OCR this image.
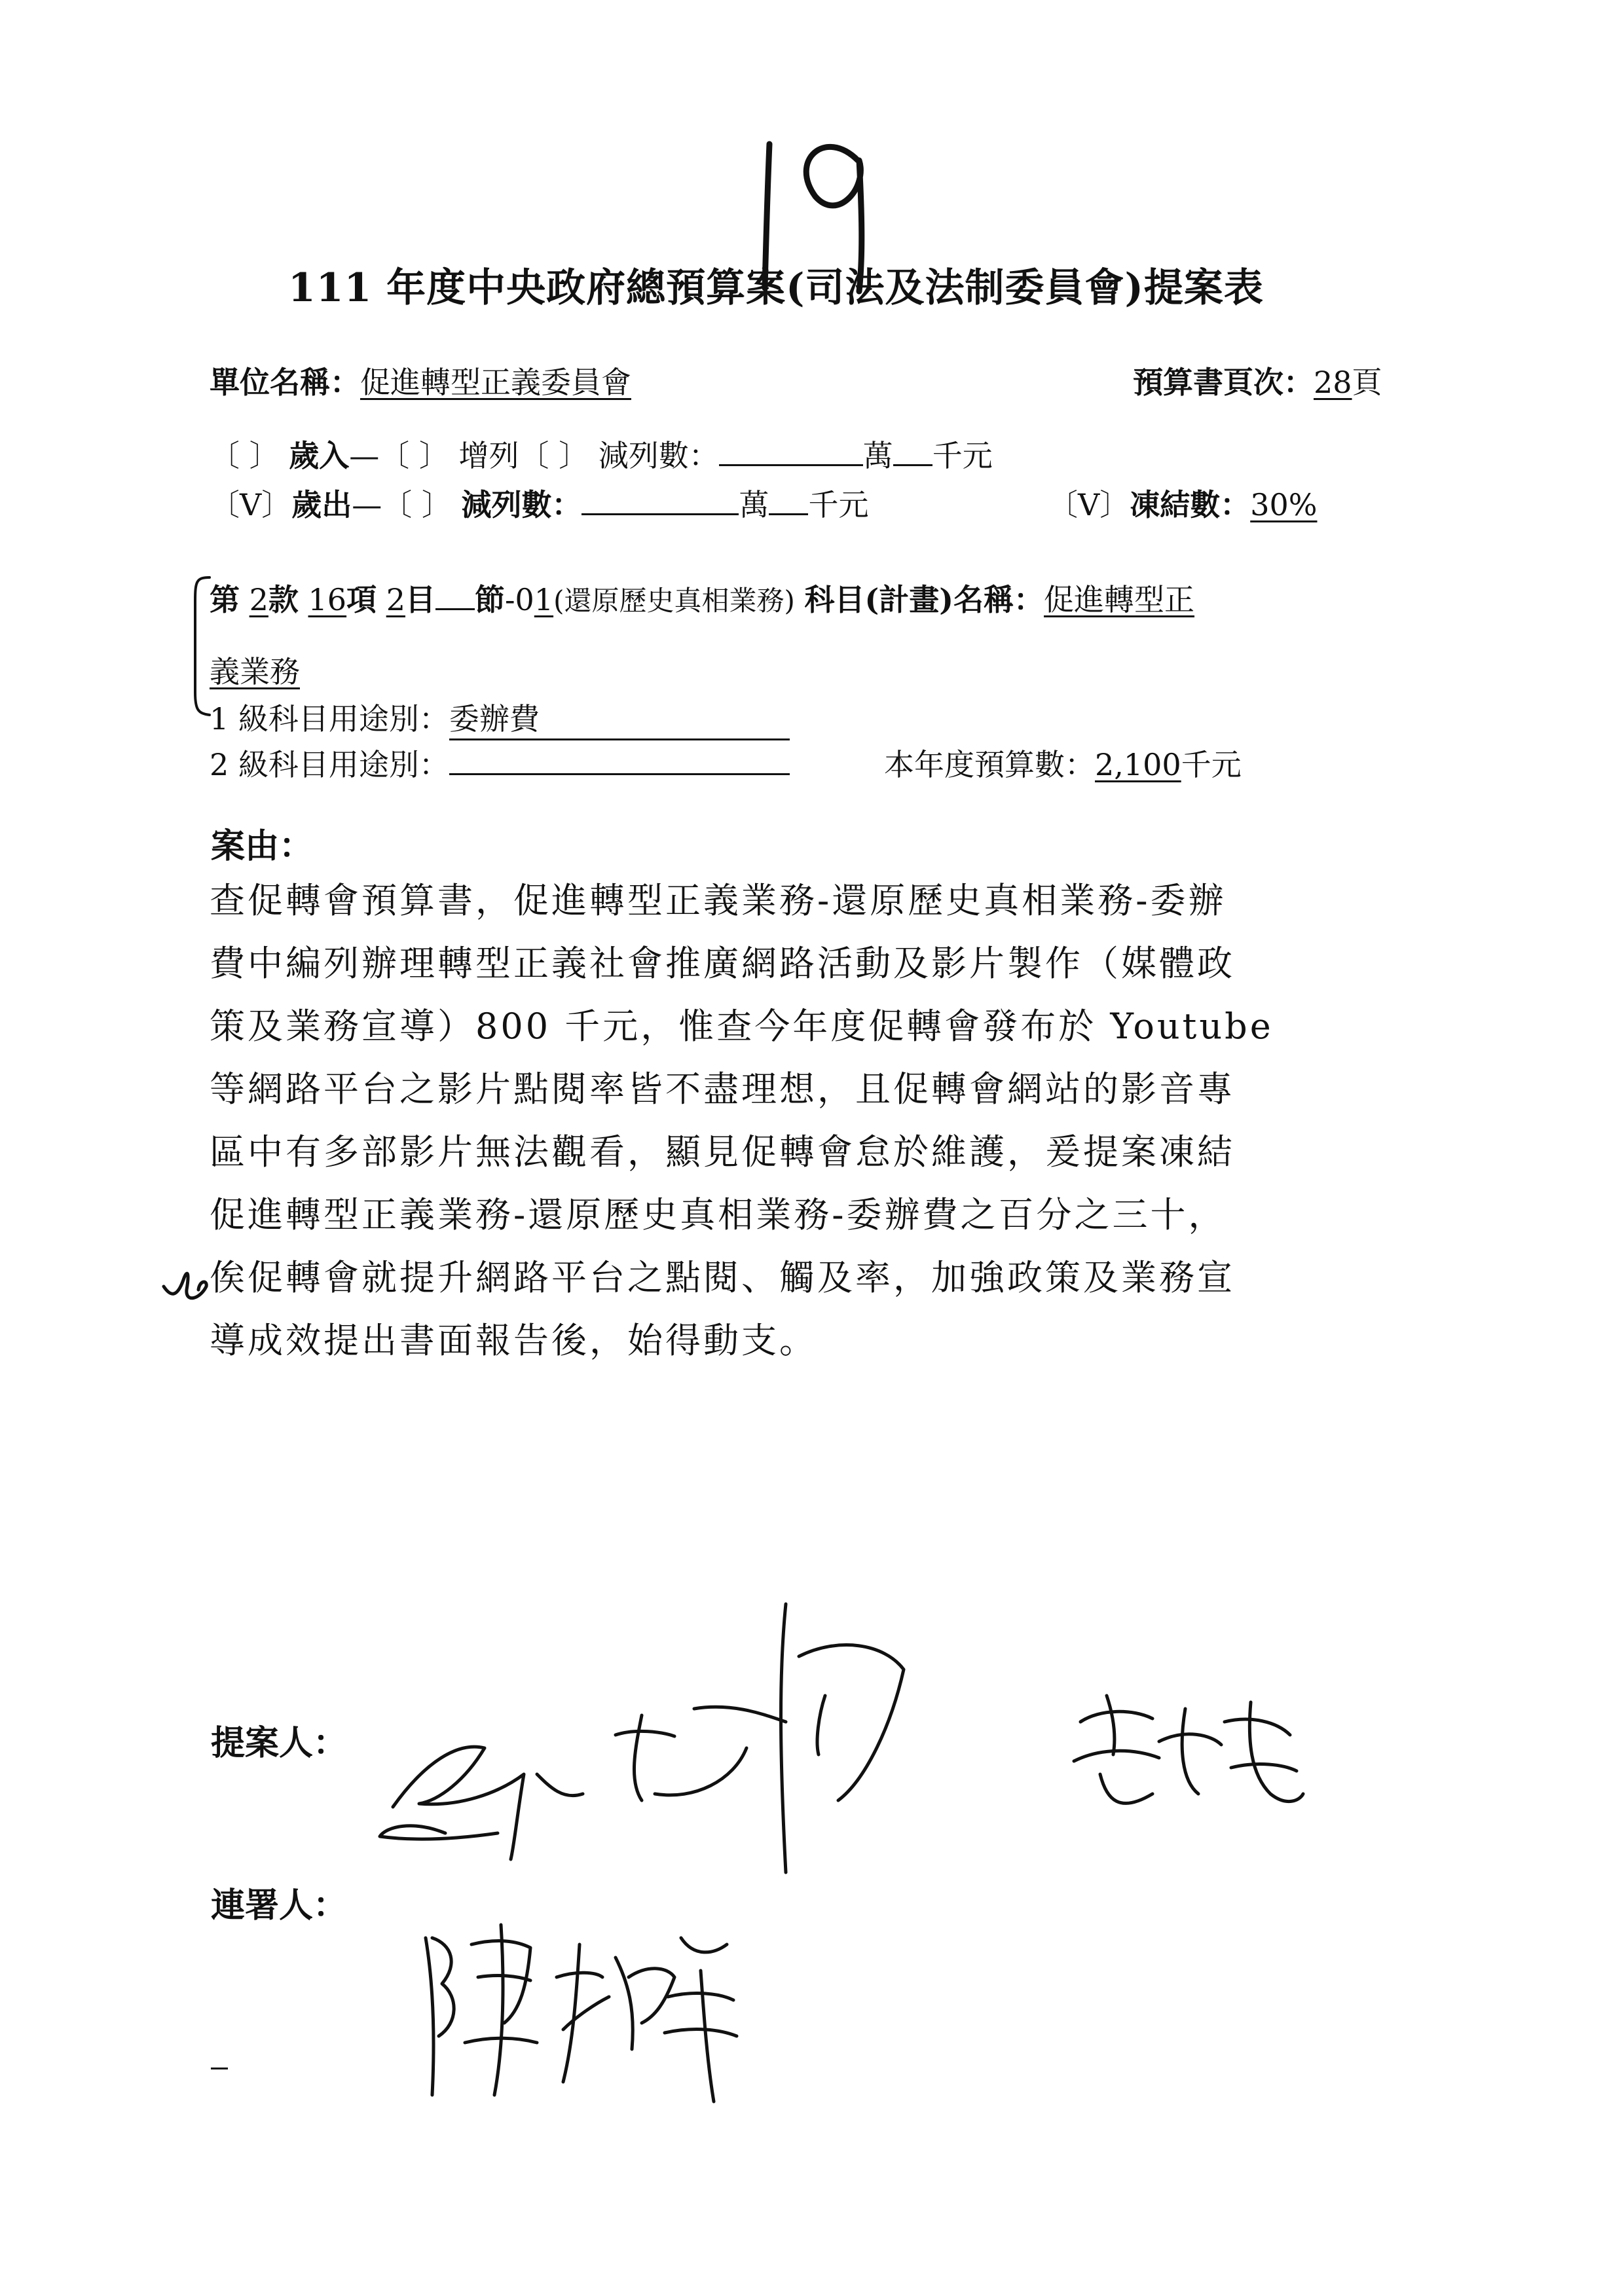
111 年度中央政府總預算案(司法及法制委員會)提案表
單位名稱：促進轉型正義委員會	預算書頁次：28頁
〔 〕 歲入—〔 〕 增列〔 〕 減列數：	萬 千元
〔V〕歲出—〔 〕 減列數：	萬 千元	〔V〕凍結數：30%
第 2款 16項 2目 節-01(還原歷史真相業務) 科目(計畫)名稱：促進轉型正
義業務
1 級科目用途別：委辦費
2 級科目用途別：	本年度預算數：2,100千元
案由：
查促轉會預算書，促進轉型正義業務-還原歷史真相業務-委辦
費中編列辦理轉型正義社會推廣網路活動及影片製作（媒體政
策及業務宣導）800 千元，惟查今年度促轉會發布於 Youtube
等網路平台之影片點閱率皆不盡理想，且促轉會網站的影音專
區中有多部影片無法觀看，顯見促轉會怠於維護，爰提案凍結
促進轉型正義業務-還原歷史真相業務-委辦費之百分之三十，
俟促轉會就提升網路平台之點閱、觸及率，加強政策及業務宣
導成效提出書面報告後，始得動支。
提案人：
連署人：
